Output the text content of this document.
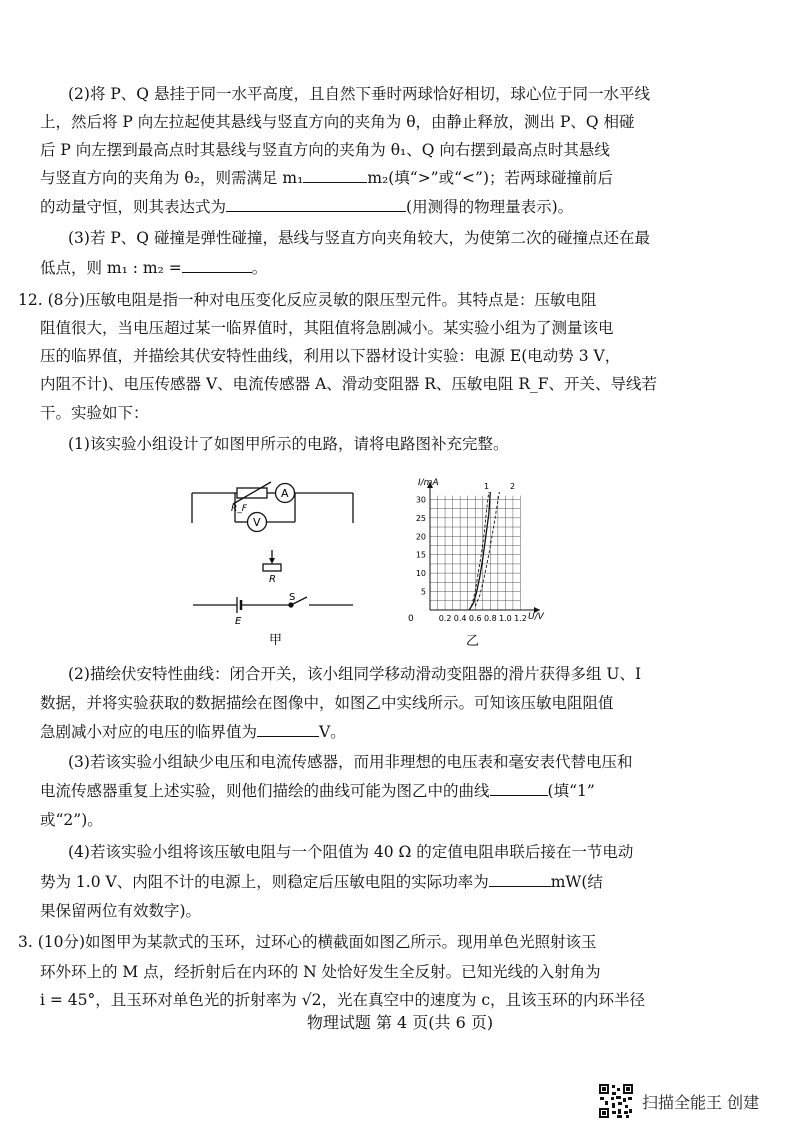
(2)将 P、Q 悬挂于同一水平高度，且自然下垂时两球恰好相切，球心位于同一水平线
上，然后将 P 向左拉起使其悬线与竖直方向的夹角为 θ，由静止释放，测出 P、Q 相碰
后 P 向左摆到最高点时其悬线与竖直方向的夹角为 θ₁、Q 向右摆到最高点时其悬线
与竖直方向的夹角为 θ₂，则需满足 m₁	m₂(填“>”或“<”)；若两球碰撞前后
的动量守恒，则其表达式为	(用测得的物理量表示)。
(3)若 P、Q 碰撞是弹性碰撞，悬线与竖直方向夹角较大，为使第二次的碰撞点还在最
低点，则 m₁ : m₂ =	。
12. (8分)压敏电阻是指一种对电压变化反应灵敏的限压型元件。其特点是：压敏电阻
阻值很大，当电压超过某一临界值时，其阻值将急剧减小。某实验小组为了测量该电
压的临界值，并描绘其伏安特性曲线，利用以下器材设计实验：电源 E(电动势 3 V，
内阻不计)、电压传感器 V、电流传感器 A、滑动变阻器 R、压敏电阻 R_F、开关、导线若
干。实验如下：
(1)该实验小组设计了如图甲所示的电路，请将电路图补充完整。
(2)描绘伏安特性曲线：闭合开关，该小组同学移动滑动变阻器的滑片获得多组 U、I
数据，并将实验获取的数据描绘在图像中，如图乙中实线所示。可知该压敏电阻阻值
急剧减小对应的电压的临界值为	V。
(3)若该实验小组缺少电压和电流传感器，而用非理想的电压表和毫安表代替电压和
电流传感器重复上述实验，则他们描绘的曲线可能为图乙中的曲线	(填“1”
或“2”)。
(4)若该实验小组将该压敏电阻与一个阻值为 40 Ω 的定值电阻串联后接在一节电动
势为 1.0 V、内阻不计的电源上，则稳定后压敏电阻的实际功率为	mW(结
果保留两位有效数字)。
3. (10分)如图甲为某款式的玉环，过环心的横截面如图乙所示。现用单色光照射该玉
环外环上的 M 点，经折射后在内环的 N 处恰好发生全反射。已知光线的入射角为
i = 45°，且玉环对单色光的折射率为 √2，光在真空中的速度为 c，且该玉环的内环半径
A
V
R_F
R
E
S
甲
5
10
15
20
25
30
0.2 0.4 0.6 0.8 1.0 1.2
I/mA
U/V
0
1	2
乙
物理试题 第 4 页(共 6 页)
扫描全能王 创建
